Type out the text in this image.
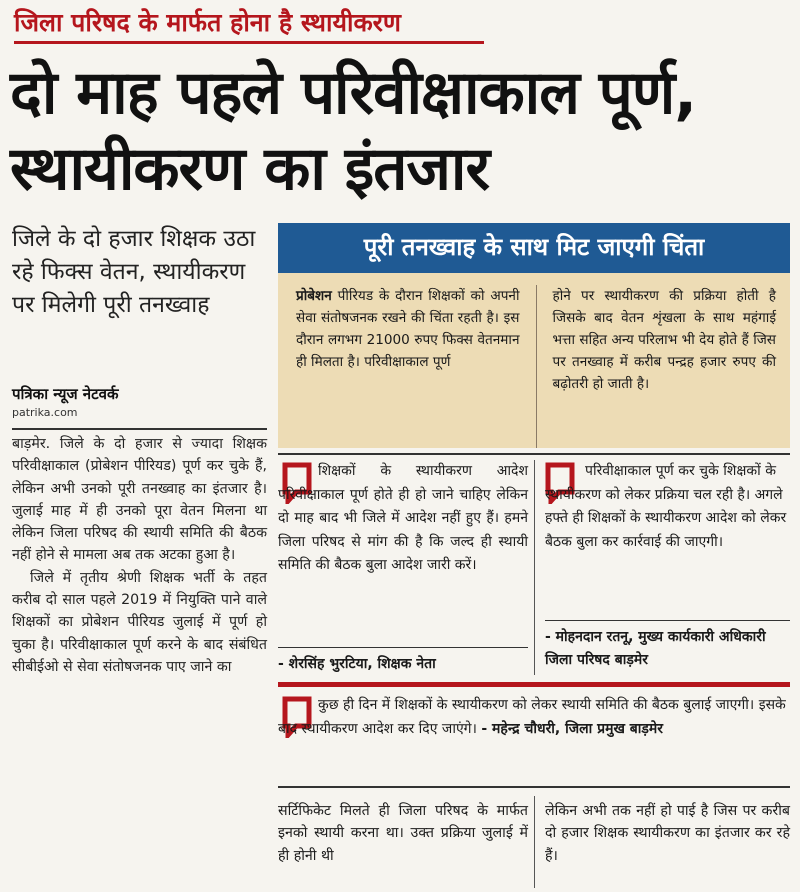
जिला परिषद के मार्फत होना है स्थायीकरण
दो माह पहले परिवीक्षाकाल पूर्ण, स्थायीकरण का इंतजार
जिले के दो हजार शिक्षक उठा रहे फिक्स वेतन, स्थायीकरण पर मिलेगी पूरी तनख्वाह
पत्रिका न्यूज नेटवर्क
patrika.com

बाड़मेर. जिले के दो हजार से ज्यादा शिक्षक परिवीक्षाकाल (प्रोबेशन पीरियड) पूर्ण कर चुके हैं, लेकिन अभी उनको पूरी तनख्वाह का इंतजार है। जुलाई माह में ही उनको पूरा वेतन मिलना था लेकिन जिला परिषद की स्थायी समिति की बैठक नहीं होने से मामला अब तक अटका हुआ है।

जिले में तृतीय श्रेणी शिक्षक भर्ती के तहत करीब दो साल पहले 2019 में नियुक्ति पाने वाले शिक्षकों का प्रोबेशन पीरियड जुलाई में पूर्ण हो चुका है। परिवीक्षाकाल पूर्ण करने के बाद संबंधित सीबीईओ से सेवा संतोषजनक पाए जाने का

पूरी तनख्वाह के साथ मिट जाएगी चिंता
प्रोबेशन पीरियड के दौरान शिक्षकों को अपनी सेवा संतोषजनक रखने की चिंता रहती है। इस दौरान लगभग 21000 रुपए फिक्स वेतनमान ही मिलता है। परिवीक्षाकाल पूर्ण
होने पर स्थायीकरण की प्रक्रिया होती है जिसके बाद वेतन शृंखला के साथ महंगाई भत्ता सहित अन्य परिलाभ भी देय होते हैं जिस पर तनख्वाह में करीब पन्द्रह हजार रुपए की बढ़ोतरी हो जाती है।
शिक्षकों के स्थायीकरण आदेश परिवीक्षाकाल पूर्ण होते ही हो जाने चाहिए लेकिन दो माह बाद भी जिले में आदेश नहीं हुए हैं। हमने जिला परिषद से मांग की है कि जल्द ही स्थायी समिति की बैठक बुला आदेश जारी करें।
- शेरसिंह भुरटिया, शिक्षक नेता
परिवीक्षाकाल पूर्ण कर चुके शिक्षकों के स्थायीकरण को लेकर प्रक्रिया चल रही है। अगले हफ्ते ही शिक्षकों के स्थायीकरण आदेश को लेकर बैठक बुला कर कार्रवाई की जाएगी।
- मोहनदान रतनू, मुख्य कार्यकारी अधिकारी जिला परिषद बाड़मेर
कुछ ही दिन में शिक्षकों के स्थायीकरण को लेकर स्थायी समिति की बैठक बुलाई जाएगी। इसके बाद स्थायीकरण आदेश कर दिए जाएंगे। - महेन्द्र चौधरी, जिला प्रमुख बाड़मेर
सर्टिफिकेट मिलते ही जिला परिषद के मार्फत इनको स्थायी करना था। उक्त प्रक्रिया जुलाई में ही होनी थी
लेकिन अभी तक नहीं हो पाई है जिस पर करीब दो हजार शिक्षक स्थायीकरण का इंतजार कर रहे हैं।
